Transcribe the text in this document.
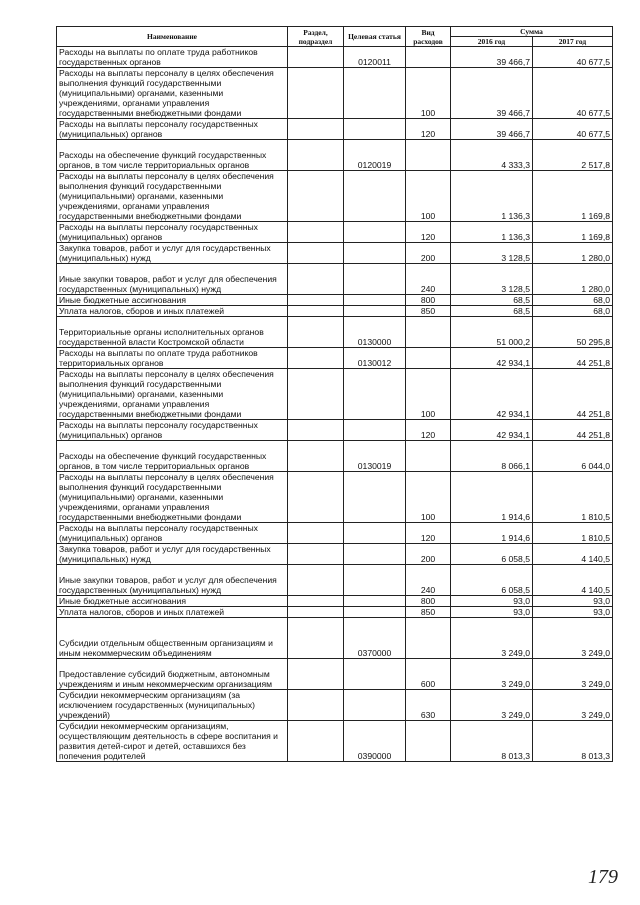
Наименование	Раздел, подраздел	Целевая статья	Вид расходов	Сумма	
				2016 год	2017 год
Расходы на выплаты по оплате труда работников государственных органов		0120011		39 466,7	40 677,5
Расходы на выплаты персоналу в целях обеспечения выполнения функций государственными (муниципальными) органами, казенными учреждениями, органами управления государственными внебюджетными фондами			100	39 466,7	40 677,5
Расходы на выплаты персоналу государственных (муниципальных) органов			120	39 466,7	40 677,5
Расходы на обеспечение функций государственных органов, в том числе территориальных органов		0120019		4 333,3	2 517,8
Расходы на выплаты персоналу в целях обеспечения выполнения функций государственными (муниципальными) органами, казенными учреждениями, органами управления государственными внебюджетными фондами			100	1 136,3	1 169,8
Расходы на выплаты персоналу государственных (муниципальных) органов			120	1 136,3	1 169,8
Закупка товаров, работ и услуг для государственных (муниципальных) нужд			200	3 128,5	1 280,0
Иные закупки товаров, работ и услуг для обеспечения государственных (муниципальных) нужд			240	3 128,5	1 280,0
Иные бюджетные ассигнования			800	68,5	68,0
Уплата налогов, сборов и иных платежей			850	68,5	68,0
Территориальные органы исполнительных органов государственной власти Костромской области		0130000		51 000,2	50 295,8
Расходы на выплаты по оплате труда работников территориальных органов		0130012		42 934,1	44 251,8
Расходы на выплаты персоналу в целях обеспечения выполнения функций государственными (муниципальными) органами, казенными учреждениями, органами управления государственными внебюджетными фондами			100	42 934,1	44 251,8
Расходы на выплаты персоналу государственных (муниципальных) органов			120	42 934,1	44 251,8
Расходы на обеспечение функций государственных органов, в том числе территориальных органов		0130019		8 066,1	6 044,0
Расходы на выплаты персоналу в целях обеспечения выполнения функций государственными (муниципальными) органами, казенными учреждениями, органами управления государственными внебюджетными фондами			100	1 914,6	1 810,5
Расходы на выплаты персоналу государственных (муниципальных) органов			120	1 914,6	1 810,5
Закупка товаров, работ и услуг для государственных (муниципальных) нужд			200	6 058,5	4 140,5
Иные закупки товаров, работ и услуг для обеспечения государственных (муниципальных) нужд			240	6 058,5	4 140,5
Иные бюджетные ассигнования			800	93,0	93,0
Уплата налогов, сборов и иных платежей			850	93,0	93,0
Субсидии отдельным общественным организациям и иным некоммерческим объединениям		0370000		3 249,0	3 249,0
Предоставление субсидий бюджетным, автономным учреждениям и иным некоммерческим организациям			600	3 249,0	3 249,0
Субсидии некоммерческим организациям (за исключением государственных (муниципальных) учреждений)			630	3 249,0	3 249,0
Субсидии некоммерческим организациям, осуществляющим деятельность в сфере воспитания и развития детей-сирот и детей, оставшихся без попечения родителей		0390000		8 013,3	8 013,3
179
